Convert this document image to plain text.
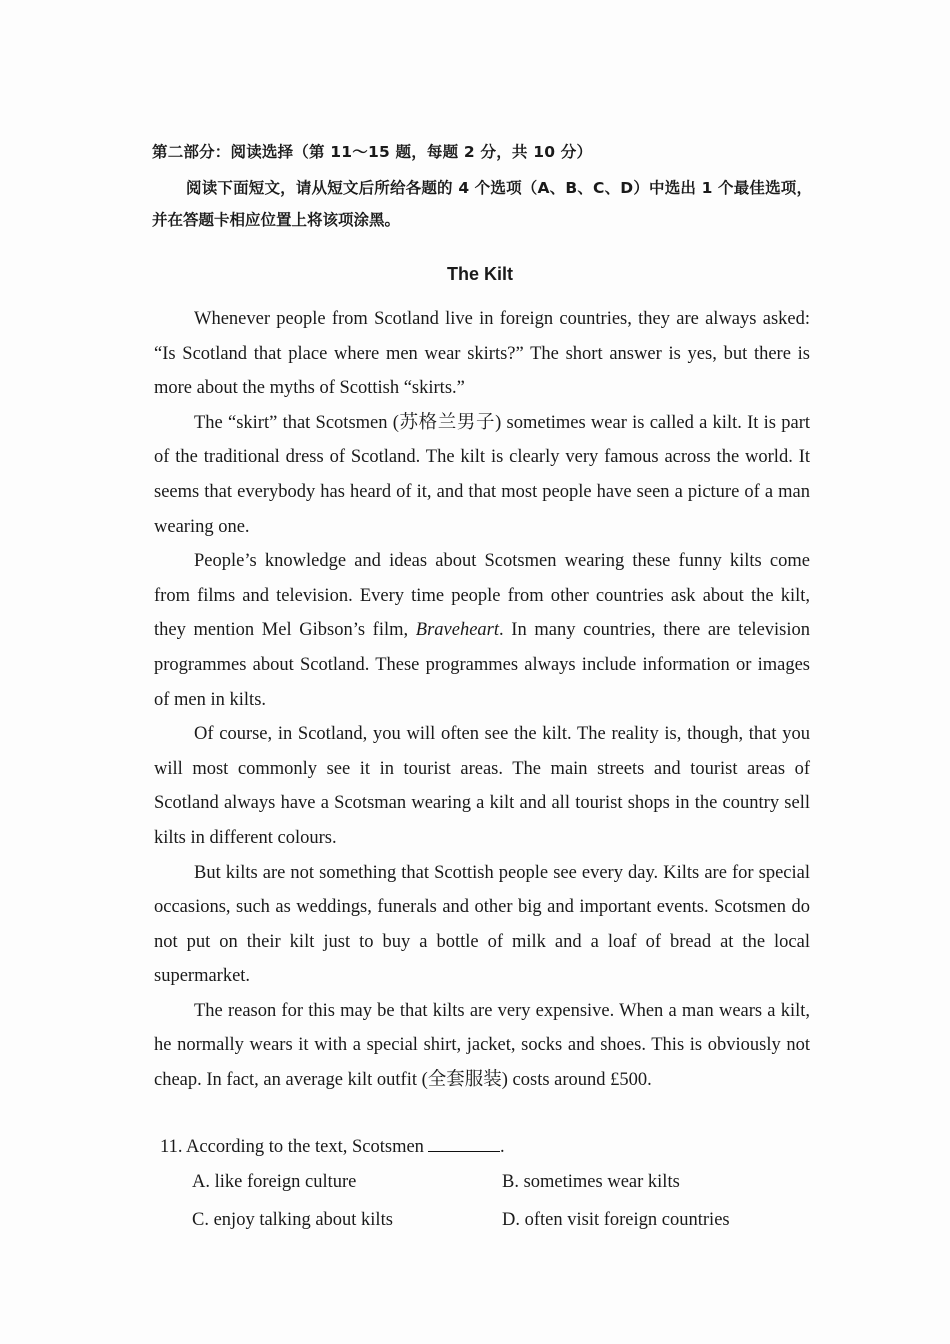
第二部分：阅读选择（第 11～15 题，每题 2 分，共 10 分）
阅读下面短文，请从短文后所给各题的 4 个选项（A、B、C、D）中选出 1 个最佳选项，并在答题卡相应位置上将该项涂黑。
The Kilt

Whenever people from Scotland live in foreign countries, they are always asked: “Is Scotland that place where men wear skirts?” The short answer is yes, but there is more about the myths of Scottish “skirts.”

The “skirt” that Scotsmen (苏格兰男子) sometimes wear is called a kilt. It is part of the traditional dress of Scotland. The kilt is clearly very famous across the world. It seems that everybody has heard of it, and that most people have seen a picture of a man wearing one.

People’s knowledge and ideas about Scotsmen wearing these funny kilts come from films and television. Every time people from other countries ask about the kilt, they mention Mel Gibson’s film, Braveheart. In many countries, there are television programmes about Scotland. These programmes always include information or images of men in kilts.

Of course, in Scotland, you will often see the kilt. The reality is, though, that you will most commonly see it in tourist areas. The main streets and tourist areas of Scotland always have a Scotsman wearing a kilt and all tourist shops in the country sell kilts in different colours.

But kilts are not something that Scottish people see every day. Kilts are for special occasions, such as weddings, funerals and other big and important events. Scotsmen do not put on their kilt just to buy a bottle of milk and a loaf of bread at the local supermarket.

The reason for this may be that kilts are very expensive. When a man wears a kilt, he normally wears it with a special shirt, jacket, socks and shoes. This is obviously not cheap. In fact, an average kilt outfit (全套服装) costs around £500.

11. According to the text, Scotsmen	.
A. like foreign culture	B. sometimes wear kilts
C. enjoy talking about kilts	D. often visit foreign countries
